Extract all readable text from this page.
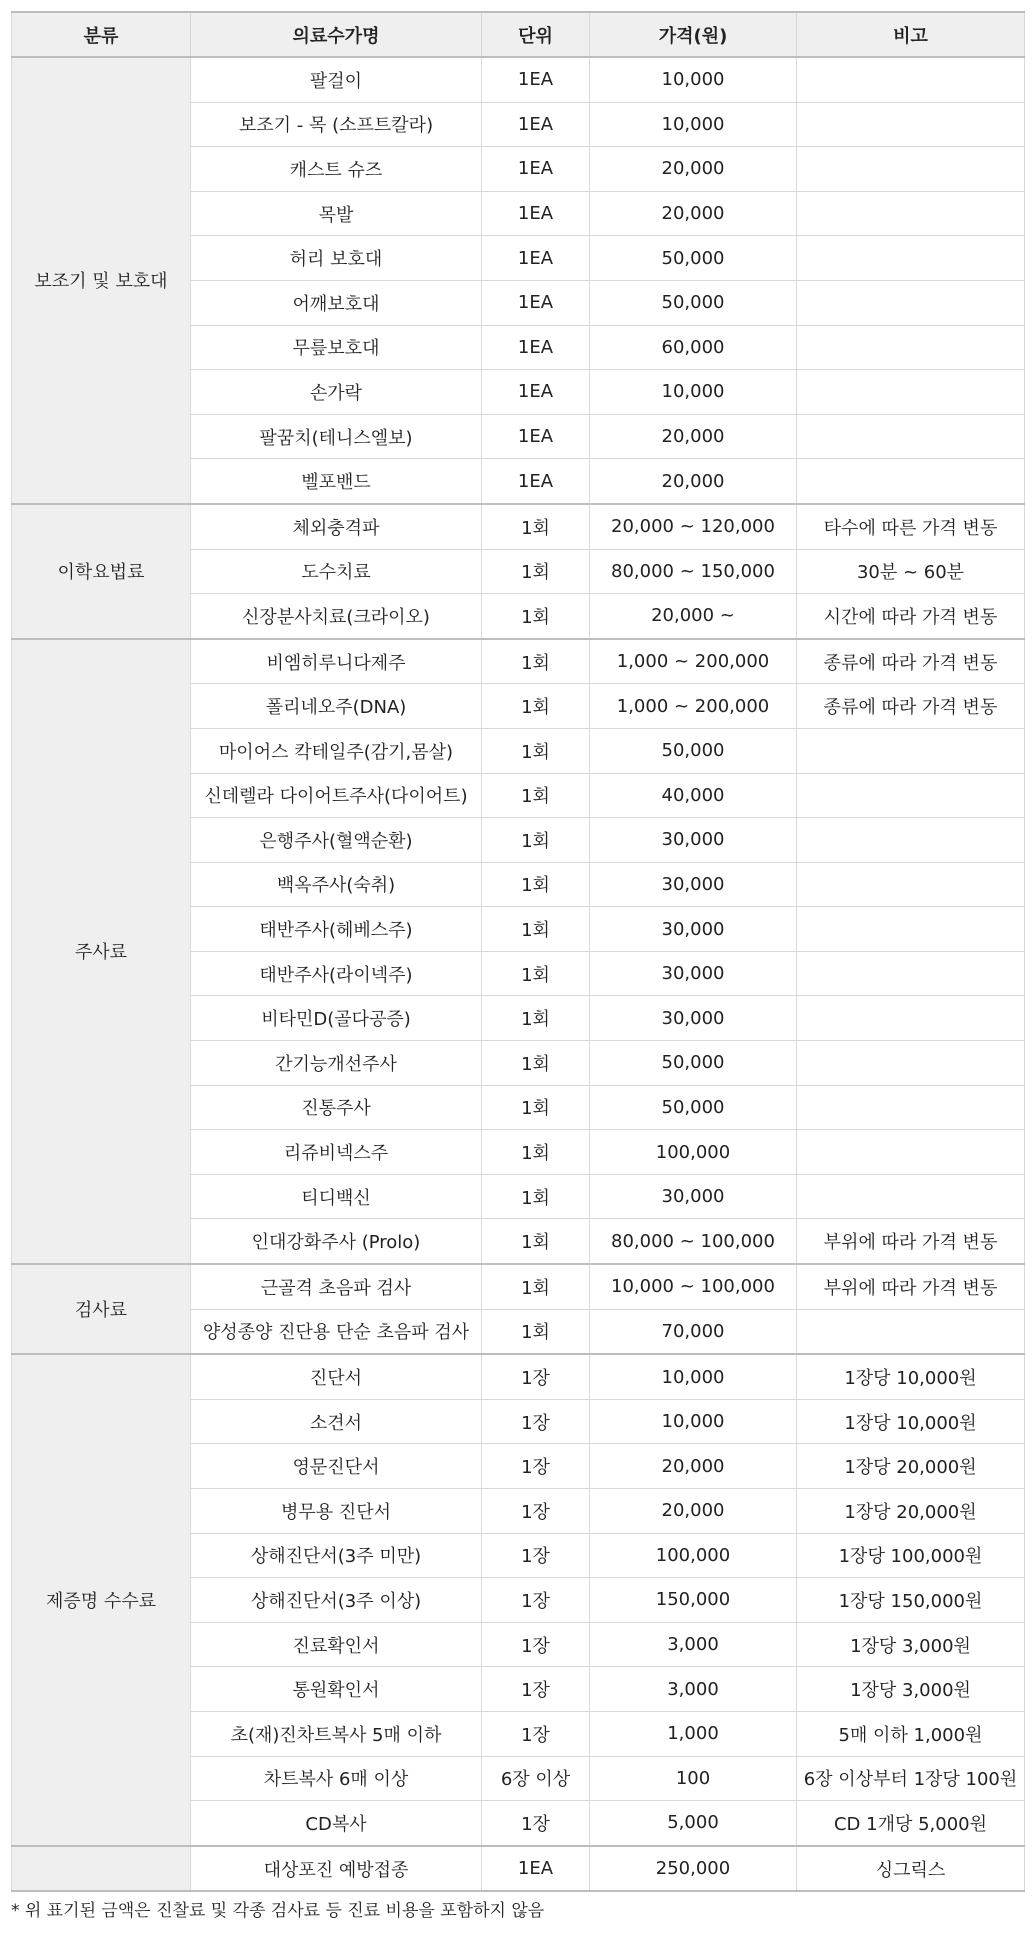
분류	의료수가명	단위	가격(원)	비고
보조기 및 보호대	팔걸이	1EA	10,000	
	보조기 - 목 (소프트칼라)	1EA	10,000	
	캐스트 슈즈	1EA	20,000	
	목발	1EA	20,000	
	허리 보호대	1EA	50,000	
	어깨보호대	1EA	50,000	
	무릎보호대	1EA	60,000	
	손가락	1EA	10,000	
	팔꿈치(테니스엘보)	1EA	20,000	
	벨포밴드	1EA	20,000	
이학요법료	체외충격파	1회	20,000 ~ 120,000	타수에 따른 가격 변동
	도수치료	1회	80,000 ~ 150,000	30분 ~ 60분
	신장분사치료(크라이오)	1회	20,000 ~	시간에 따라 가격 변동
주사료	비엠히루니다제주	1회	1,000 ~ 200,000	종류에 따라 가격 변동
	폴리네오주(DNA)	1회	1,000 ~ 200,000	종류에 따라 가격 변동
	마이어스 칵테일주(감기,몸살)	1회	50,000	
	신데렐라 다이어트주사(다이어트)	1회	40,000	
	은행주사(혈액순환)	1회	30,000	
	백옥주사(숙취)	1회	30,000	
	태반주사(헤베스주)	1회	30,000	
	태반주사(라이넥주)	1회	30,000	
	비타민D(골다공증)	1회	30,000	
	간기능개선주사	1회	50,000	
	진통주사	1회	50,000	
	리쥬비넥스주	1회	100,000	
	티디백신	1회	30,000	
	인대강화주사 (Prolo)	1회	80,000 ~ 100,000	부위에 따라 가격 변동
검사료	근골격 초음파 검사	1회	10,000 ~ 100,000	부위에 따라 가격 변동
	양성종양 진단용 단순 초음파 검사	1회	70,000	
제증명 수수료	진단서	1장	10,000	1장당 10,000원
	소견서	1장	10,000	1장당 10,000원
	영문진단서	1장	20,000	1장당 20,000원
	병무용 진단서	1장	20,000	1장당 20,000원
	상해진단서(3주 미만)	1장	100,000	1장당 100,000원
	상해진단서(3주 이상)	1장	150,000	1장당 150,000원
	진료확인서	1장	3,000	1장당 3,000원
	통원확인서	1장	3,000	1장당 3,000원
	초(재)진차트복사 5매 이하	1장	1,000	5매 이하 1,000원
	차트복사 6매 이상	6장 이상	100	6장 이상부터 1장당 100원
	CD복사	1장	5,000	CD 1개당 5,000원
	대상포진 예방접종	1EA	250,000	싱그릭스
* 위 표기된 금액은 진찰료 및 각종 검사료 등 진료 비용을 포함하지 않음
